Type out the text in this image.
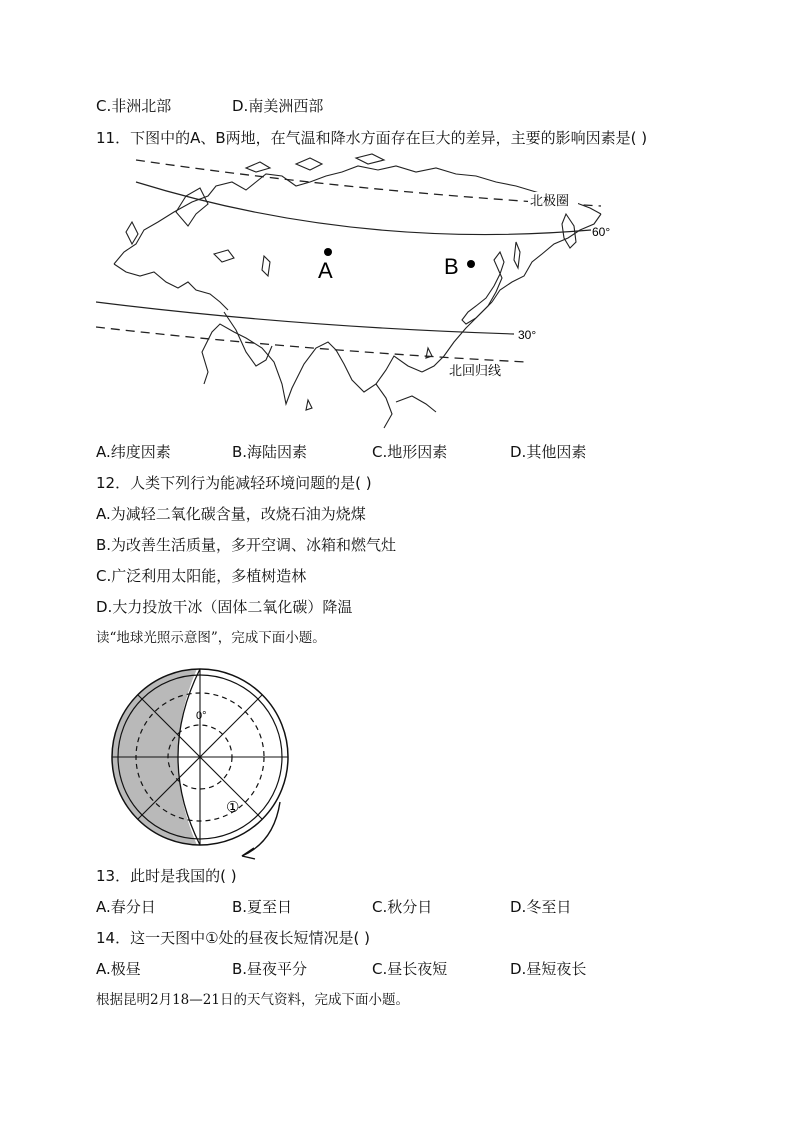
C.非洲北部	D.南美洲西部
11．下图中的A、B两地，在气温和降水方面存在巨大的差异，主要的影响因素是( )
A	B
北极圈
60°
30°
北回归线
A.纬度因素	B.海陆因素	C.地形因素	D.其他因素
12．人类下列行为能减轻环境问题的是( )
A.为减轻二氧化碳含量，改烧石油为烧煤
B.为改善生活质量，多开空调、冰箱和燃气灶
C.广泛利用太阳能，多植树造林
D.大力投放干冰（固体二氧化碳）降温
读“地球光照示意图”，完成下面小题。
0°
①
13．此时是我国的( )
A.春分日	B.夏至日	C.秋分日	D.冬至日
14．这一天图中①处的昼夜长短情况是( )
A.极昼	B.昼夜平分	C.昼长夜短	D.昼短夜长
根据昆明2月18—21日的天气资料，完成下面小题。
